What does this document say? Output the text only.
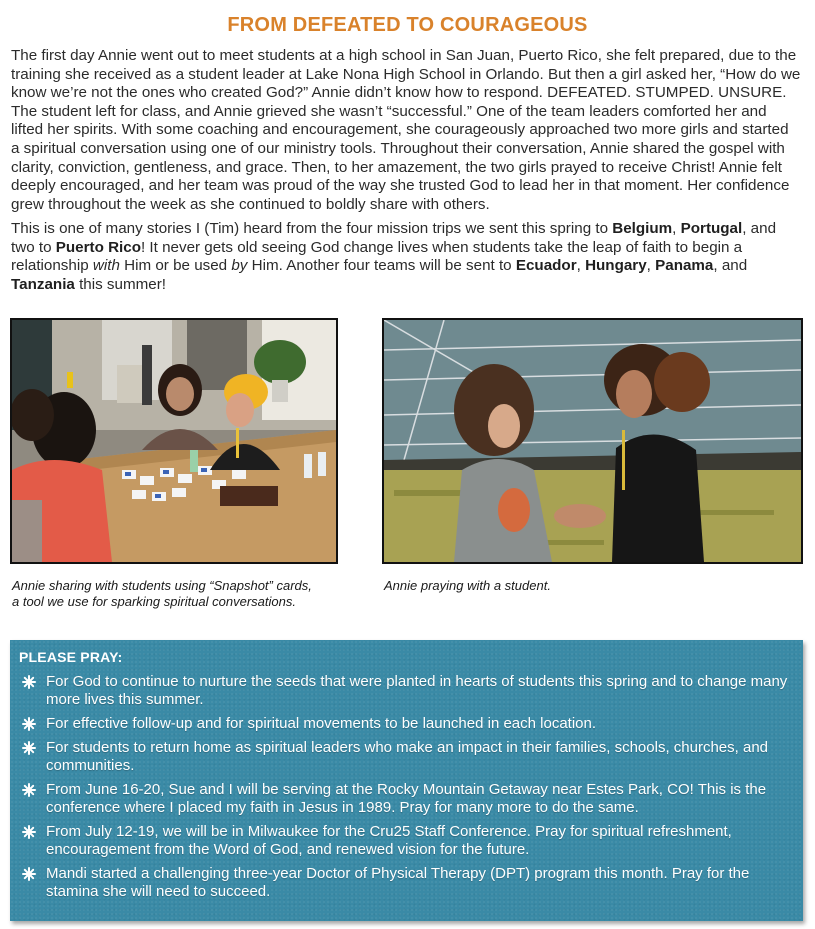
FROM DEFEATED TO COURAGEOUS

The first day Annie went out to meet students at a high school in San Juan, Puerto Rico, she felt prepared, due to the training she received as a student leader at Lake Nona High School in Orlando. But then a girl asked her, “How do we know we’re not the ones who created God?” Annie didn’t know how to respond. DEFEATED. STUMPED. UNSURE. The student left for class, and Annie grieved she wasn’t “successful.” One of the team leaders comforted her and lifted her spirits. With some coaching and encouragement, she courageously approached two more girls and started a spiritual conversation using one of our ministry tools. Throughout their conversation, Annie shared the gospel with clarity, conviction, gentleness, and grace. Then, to her amazement, the two girls prayed to receive Christ! Annie felt deeply encouraged, and her team was proud of the way she trusted God to lead her in that moment. Her confidence grew throughout the week as she continued to boldly share with others.

This is one of many stories I (Tim) heard from the four mission trips we sent this spring to Belgium, Portugal, and two to Puerto Rico! It never gets old seeing God change lives when students take the leap of faith to begin a relationship with Him or be used by Him. Another four teams will be sent to Ecuador, Hungary, Panama, and Tanzania this summer!

Annie sharing with students using “Snapshot” cards, a tool we use for sparking spiritual conversations.
Annie praying with a student.
PLEASE PRAY:
For God to continue to nurture the seeds that were planted in hearts of students this spring and to change many more lives this summer.
For effective follow-up and for spiritual movements to be launched in each location.
For students to return home as spiritual leaders who make an impact in their families, schools, churches, and communities.
From June 16-20, Sue and I will be serving at the Rocky Mountain Getaway near Estes Park, CO! This is the conference where I placed my faith in Jesus in 1989. Pray for many more to do the same.
From July 12-19, we will be in Milwaukee for the Cru25 Staff Conference. Pray for spiritual refreshment, encouragement from the Word of God, and renewed vision for the future.
Mandi started a challenging three-year Doctor of Physical Therapy (DPT) program this month. Pray for the stamina she will need to succeed.
